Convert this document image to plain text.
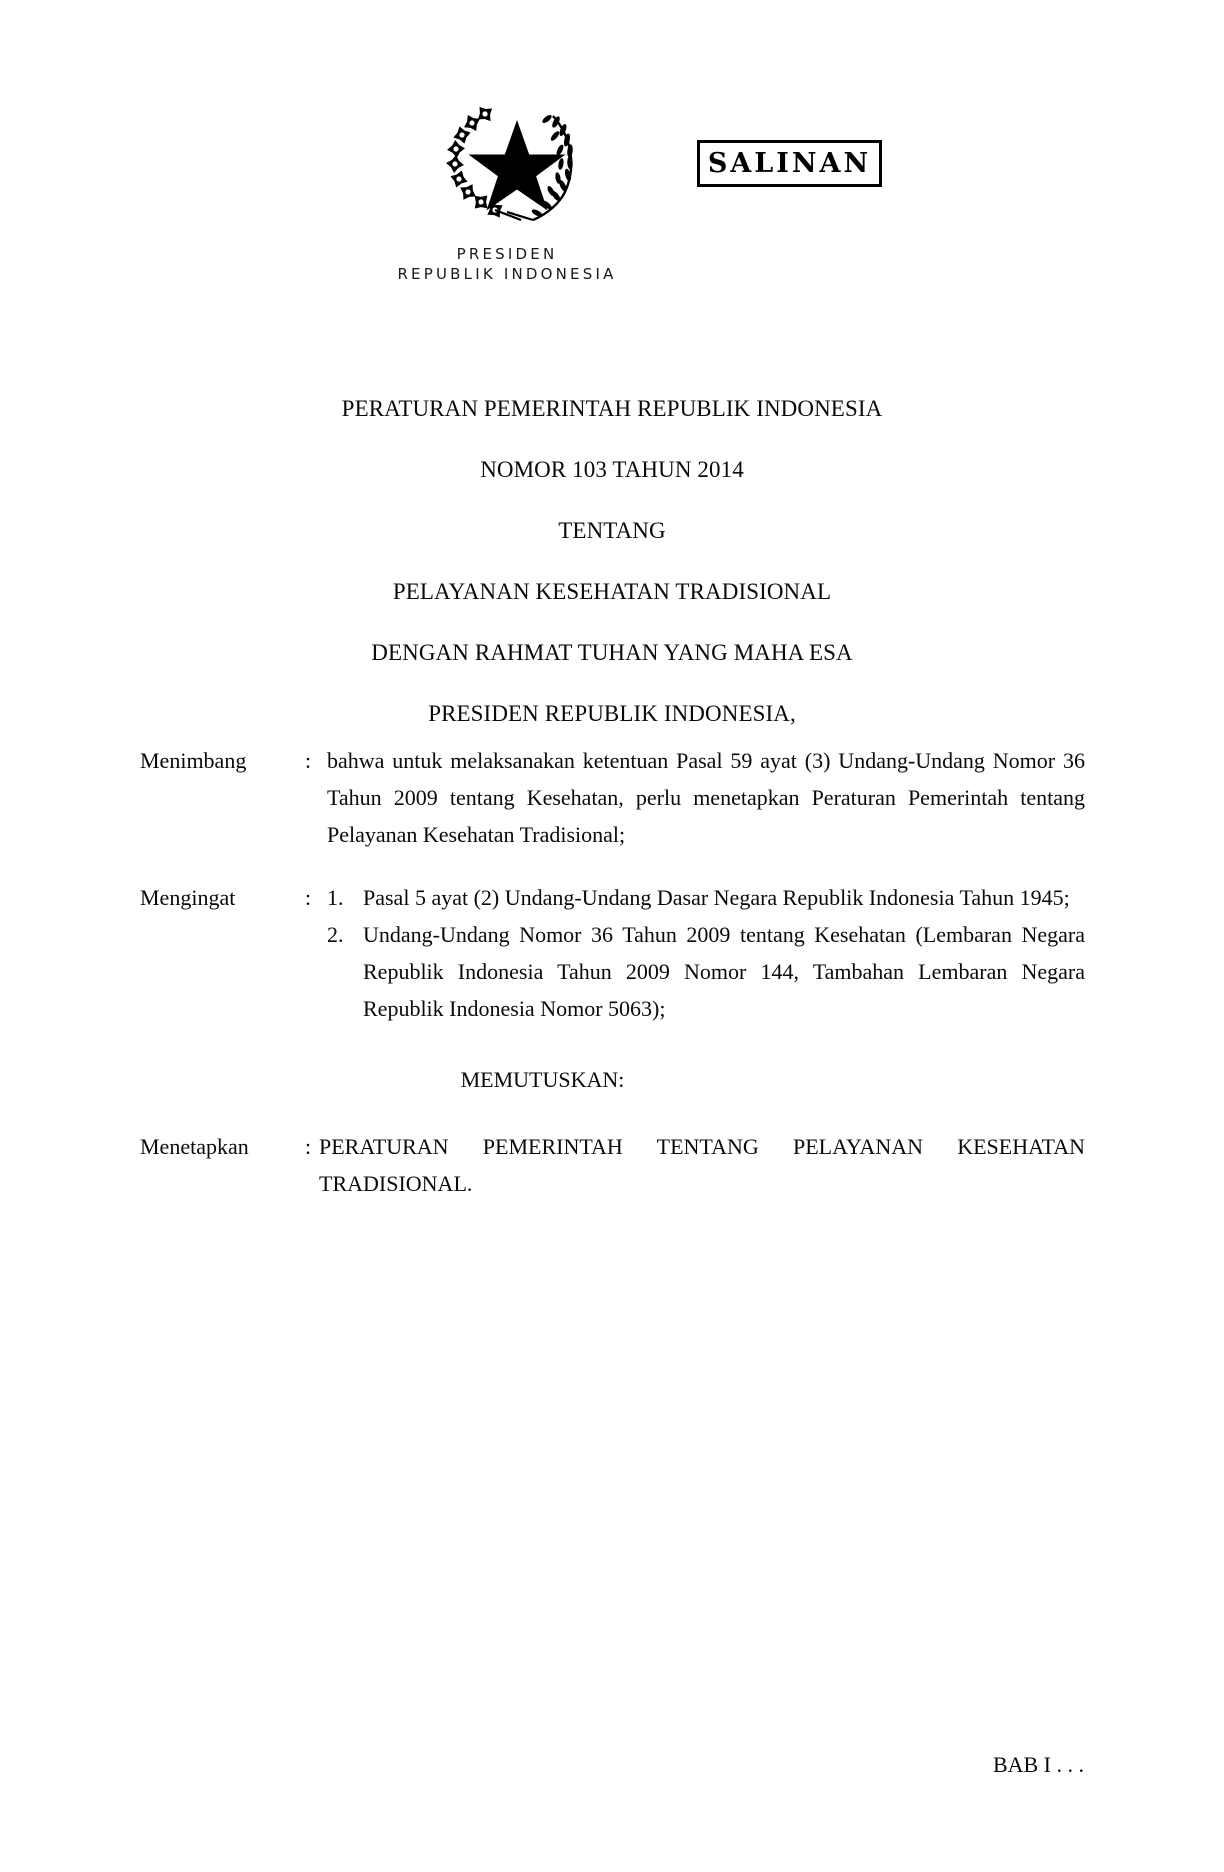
PRESIDEN
REPUBLIK INDONESIA
SALINAN
PERATURAN PEMERINTAH REPUBLIK INDONESIA
NOMOR 103 TAHUN 2014
TENTANG
PELAYANAN KESEHATAN TRADISIONAL
DENGAN RAHMAT TUHAN YANG MAHA ESA
PRESIDEN REPUBLIK INDONESIA,
Menimbang	: bahwa untuk melaksanakan ketentuan Pasal 59 ayat (3) Undang-Undang Nomor 36 Tahun 2009 tentang Kesehatan, perlu menetapkan Peraturan Pemerintah tentang Pelayanan Kesehatan Tradisional;
Mengingat	: 1. Pasal 5 ayat (2) Undang-Undang Dasar Negara Republik Indonesia Tahun 1945;
2. Undang-Undang Nomor 36 Tahun 2009 tentang Kesehatan (Lembaran Negara Republik Indonesia Tahun 2009 Nomor 144, Tambahan Lembaran Negara Republik Indonesia Nomor 5063);
MEMUTUSKAN:
Menetapkan	: PERATURAN PEMERINTAH TENTANG PELAYANAN KESEHATAN TRADISIONAL.
BAB I . . .
